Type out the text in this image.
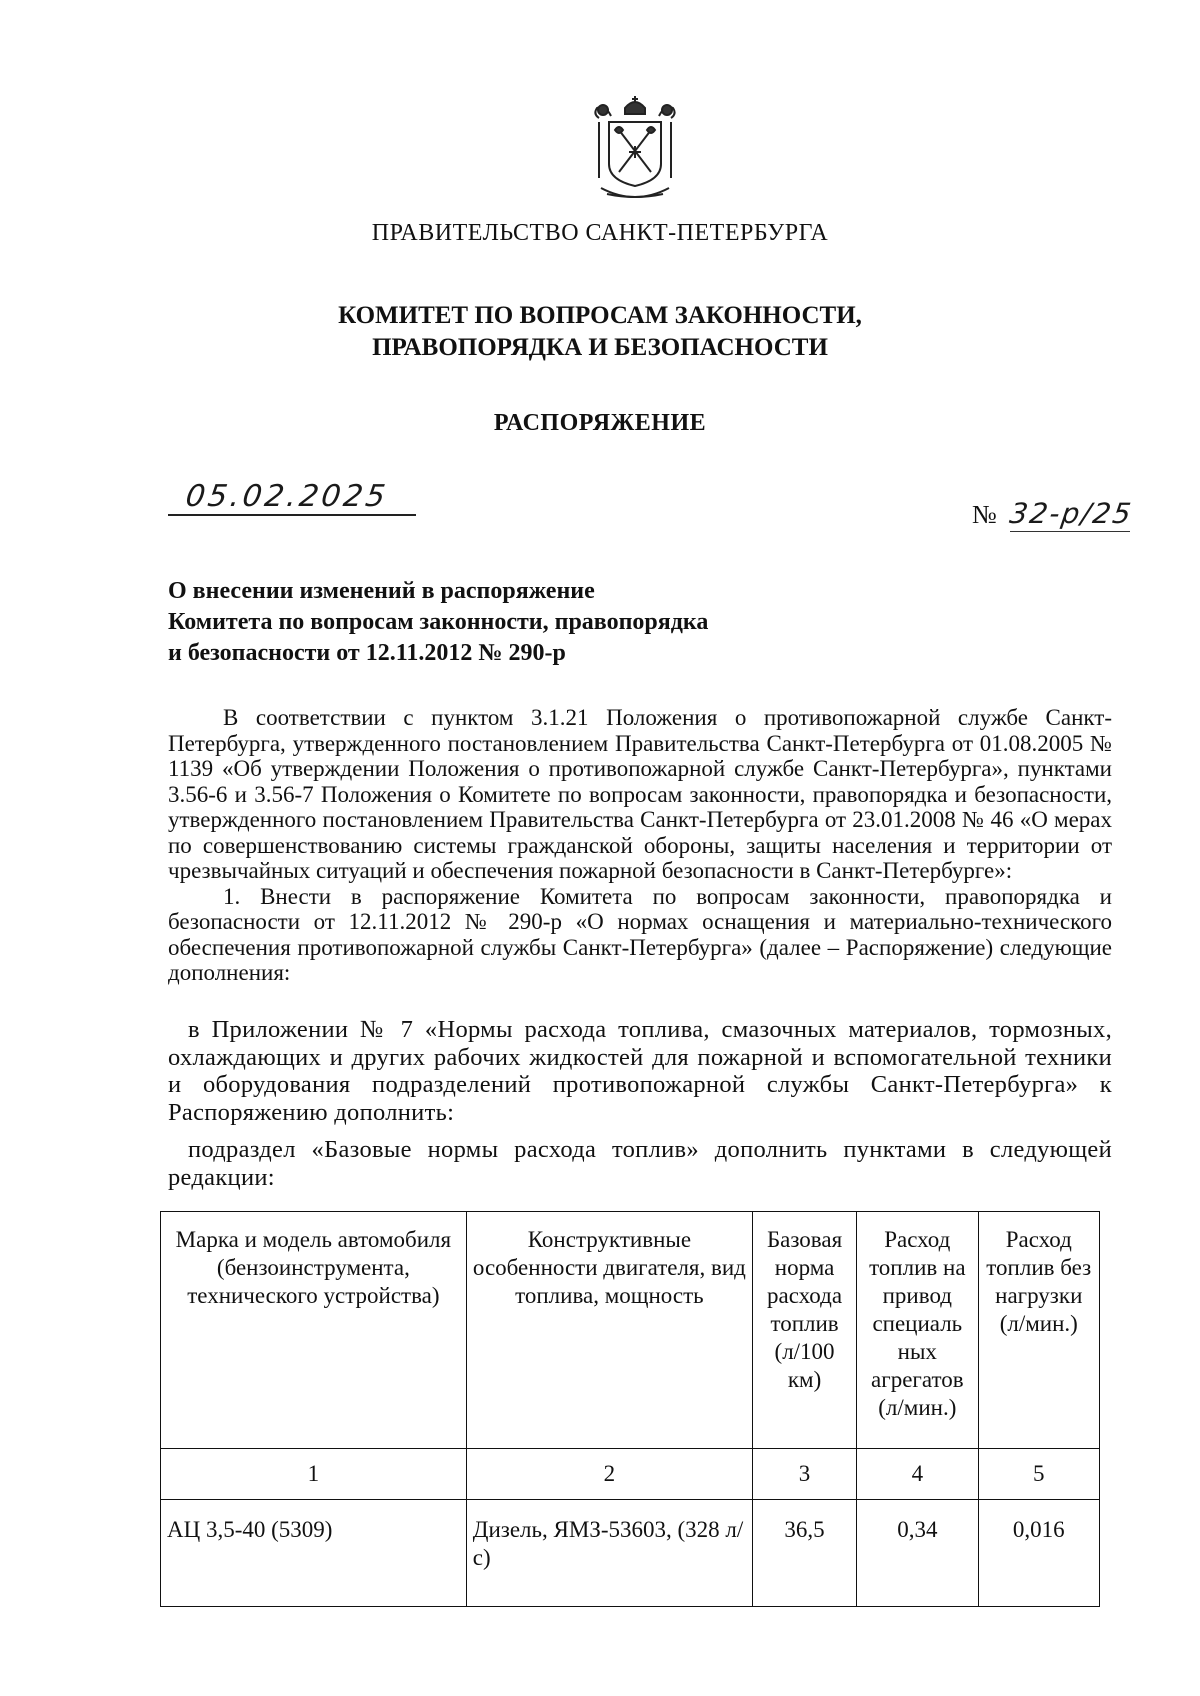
ПРАВИТЕЛЬСТВО САНКТ-ПЕТЕРБУРГА
КОМИТЕТ ПО ВОПРОСАМ ЗАКОННОСТИ,
ПРАВОПОРЯДКА И БЕЗОПАСНОСТИ
РАСПОРЯЖЕНИЕ
05.02.2025
№ 32-р/25
О внесении изменений в распоряжение
Комитета по вопросам законности, правопорядка
и безопасности от 12.11.2012 № 290-р

В соответствии с пунктом 3.1.21 Положения о противопожарной службе Санкт-Петербурга, утвержденного постановлением Правительства Санкт-Петербурга от 01.08.2005 № 1139 «Об утверждении Положения о противопожарной службе Санкт-Петербурга», пунктами 3.56-6 и 3.56-7 Положения о Комитете по вопросам законности, правопорядка и безопасности, утвержденного постановлением Правительства Санкт-Петербурга от 23.01.2008 № 46 «О мерах по совершенствованию системы гражданской обороны, защиты населения и территории от чрезвычайных ситуаций и обеспечения пожарной безопасности в Санкт-Петербурге»:

1. Внести в распоряжение Комитета по вопросам законности, правопорядка и безопасности от 12.11.2012 № 290-р «О нормах оснащения и материально-технического обеспечения противопожарной службы Санкт-Петербурга» (далее – Распоряжение) следующие дополнения:

в Приложении № 7 «Нормы расхода топлива, смазочных материалов, тормозных, охлаждающих и других рабочих жидкостей для пожарной и вспомогательной техники и оборудования подразделений противопожарной службы Санкт-Петербурга» к Распоряжению дополнить:

подраздел «Базовые нормы расхода топлив» дополнить пунктами в следующей редакции:

Марка и модель автомобиля (бензоинструмента, технического устройства)	Конструктивные особенности двигателя, вид топлива, мощность	Базовая норма расхода топлив (л/100 км)	Расход топлив на привод специаль ных агрегатов (л/мин.)	Расход топлив без нагрузки (л/мин.)
1	2	3	4	5
АЦ 3,5-40 (5309)	Дизель, ЯМЗ-53603, (328 л/с)	36,5	0,34	0,016
